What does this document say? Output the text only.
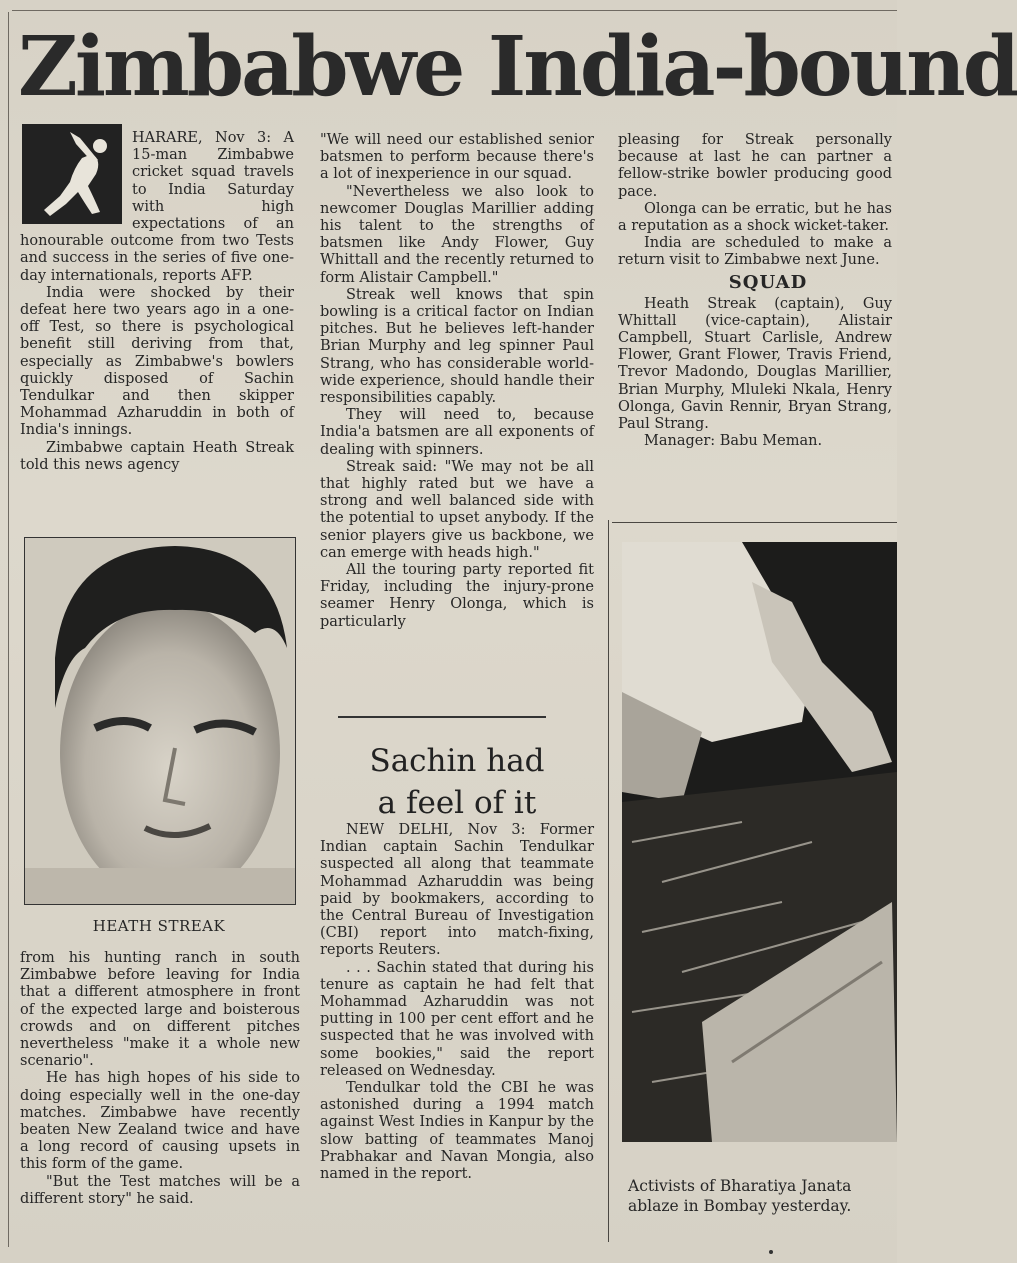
Zimbabwe India-bound

HARARE, Nov 3: A 15-man Zimbabwe cricket squad travels to India Saturday with high expectations of an honourable outcome from two Tests and success in the series of five one-day internationals, reports AFP.

India were shocked by their defeat here two years ago in a one-off Test, so there is psychological benefit still deriving from that, especially as Zimbabwe's bowlers quickly disposed of Sachin Tendulkar and then skipper Mohammad Azharuddin in both of India's innings.

Zimbabwe captain Heath Streak told this news agency

HEATH STREAK

from his hunting ranch in south Zimbabwe before leaving for India that a different atmosphere in front of the expected large and boisterous crowds and on different pitches nevertheless "make it a whole new scenario".

He has high hopes of his side to doing especially well in the one-day matches. Zimbabwe have recently beaten New Zealand twice and have a long record of causing upsets in this form of the game.

"But the Test matches will be a different story" he said.

"We will need our established senior batsmen to perform because there's a lot of inexperience in our squad.

"Nevertheless we also look to newcomer Douglas Marillier adding his talent to the strengths of batsmen like Andy Flower, Guy Whittall and the recently returned to form Alistair Campbell."

Streak well knows that spin bowling is a critical factor on Indian pitches. But he believes left-hander Brian Murphy and leg spinner Paul Strang, who has considerable world-wide experience, should handle their responsibilities capably.

They will need to, because India'a batsmen are all exponents of dealing with spinners.

Streak said: "We may not be all that highly rated but we have a strong and well balanced side with the potential to upset anybody. If the senior players give us backbone, we can emerge with heads high."

All the touring party reported fit Friday, including the injury-prone seamer Henry Olonga, which is particularly

Sachin had
a feel of it

NEW DELHI, Nov 3: Former Indian captain Sachin Tendulkar suspected all along that teammate Mohammad Azharuddin was being paid by bookmakers, according to the Central Bureau of Investigation (CBI) report into match-fixing, reports Reuters.

. . . Sachin stated that during his tenure as captain he had felt that Mohammad Azharuddin was not putting in 100 per cent effort and he suspected that he was involved with some bookies," said the report released on Wednesday.

Tendulkar told the CBI he was astonished during a 1994 match against West Indies in Kanpur by the slow batting of teammates Manoj Prabhakar and Navan Mongia, also named in the report.

pleasing for Streak personally because at last he can partner a fellow-strike bowler producing good pace.

Olonga can be erratic, but he has a reputation as a shock wicket-taker.

India are scheduled to make a return visit to Zimbabwe next June.

SQUAD

Heath Streak (captain), Guy Whittall (vice-captain), Alistair Campbell, Stuart Carlisle, Andrew Flower, Grant Flower, Travis Friend, Trevor Madondo, Douglas Marillier, Brian Murphy, Mluleki Nkala, Henry Olonga, Gavin Rennir, Bryan Strang, Paul Strang.

Manager: Babu Meman.

Activists of Bharatiya Janata
ablaze in Bombay yesterday.
